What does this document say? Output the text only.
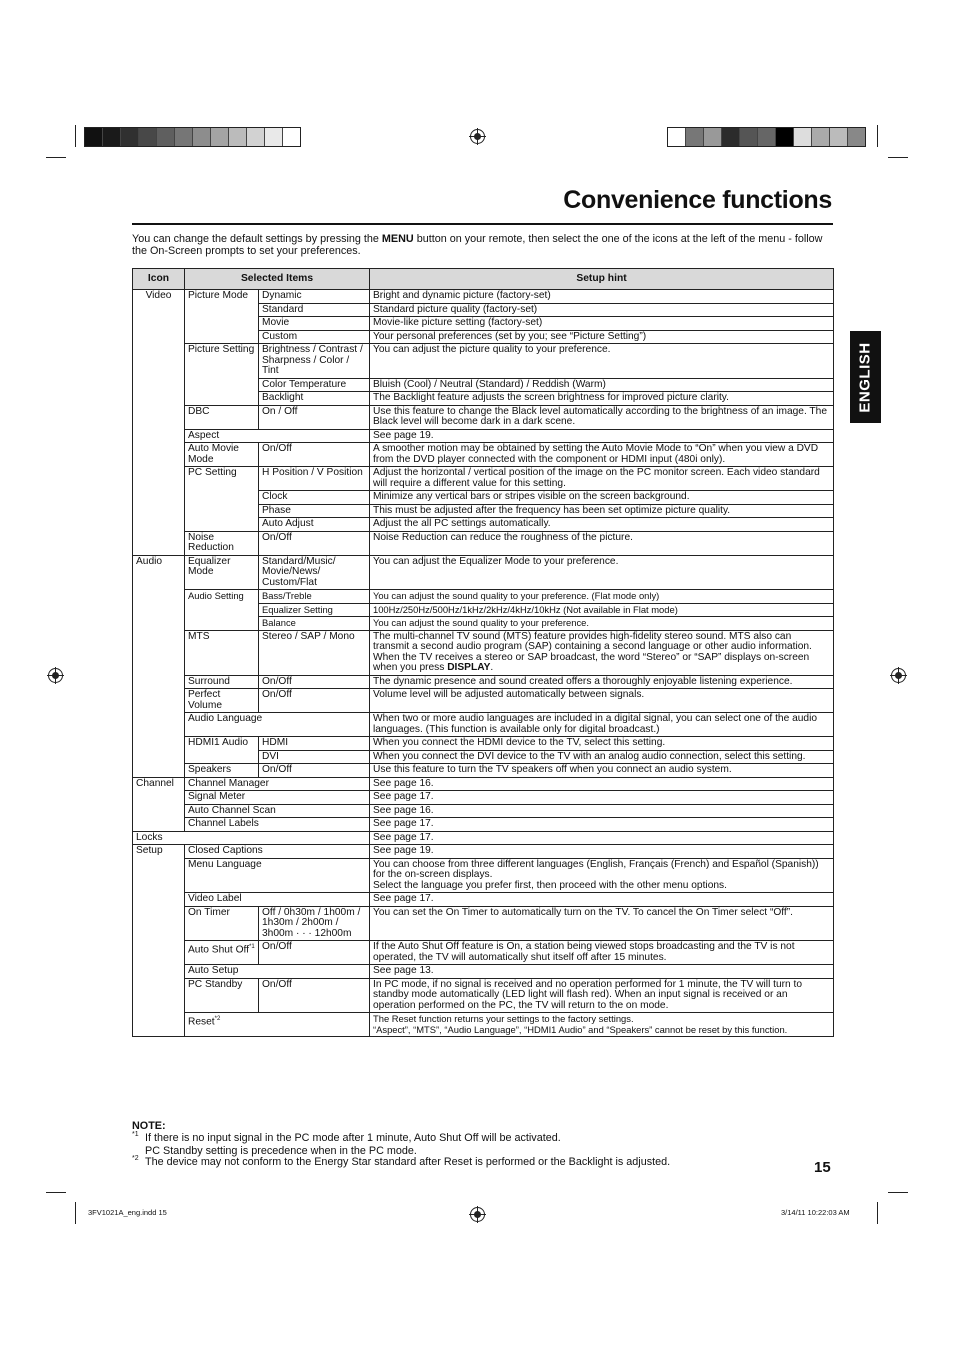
Convenience functions
You can change the default settings by pressing the MENU button on your remote, then select the one of the icons at the left of the menu - follow the On-Screen prompts to set your preferences.
ENGLISH
Icon	Selected Items		Setup hint
Video	Picture Mode	Dynamic	Bright and dynamic picture (factory-set)
		Standard	Standard picture quality (factory-set)
		Movie	Movie-like picture setting (factory-set)
		Custom	Your personal preferences (set by you; see “Picture Setting”)
	Picture Setting	Brightness / Contrast / Sharpness / Color / Tint	You can adjust the picture quality to your preference.
		Color Temperature	Bluish (Cool) / Neutral (Standard) / Reddish (Warm)
		Backlight	The Backlight feature adjusts the screen brightness for improved picture clarity.
	DBC	On / Off	Use this feature to change the Black level automatically according to the brightness of an image. The Black level will become dark in a dark scene.
	Aspect		See page 19.
	Auto Movie Mode	On/Off	A smoother motion may be obtained by setting the Auto Movie Mode to “On” when you view a DVD from the DVD player connected with the component or HDMI input (480i only).
	PC Setting	H Position / V Position	Adjust the horizontal / vertical position of the image on the PC monitor screen. Each video standard will require a different value for this setting.
		Clock	Minimize any vertical bars or stripes visible on the screen background.
		Phase	This must be adjusted after the frequency has been set optimize picture quality.
		Auto Adjust	Adjust the all PC settings automatically.
	Noise Reduction	On/Off	Noise Reduction can reduce the roughness of the picture.
Audio	Equalizer Mode	Standard/Music/ Movie/News/ Custom/Flat	You can adjust the Equalizer Mode to your preference.
	Audio Setting	Bass/Treble	You can adjust the sound quality to your preference. (Flat mode only)
		Equalizer Setting	100Hz/250Hz/500Hz/1kHz/2kHz/4kHz/10kHz (Not available in Flat mode)
		Balance	You can adjust the sound quality to your preference.
	MTS	Stereo / SAP / Mono	The multi-channel TV sound (MTS) feature provides high-fidelity stereo sound. MTS also can transmit a second audio program (SAP) containing a second language or other audio information. When the TV receives a stereo or SAP broadcast, the word “Stereo” or “SAP” displays on-screen when you press DISPLAY.
	Surround	On/Off	The dynamic presence and sound created offers a thoroughly enjoyable listening experience.
	Perfect Volume	On/Off	Volume level will be adjusted automatically between signals.
	Audio Language		When two or more audio languages are included in a digital signal, you can select one of the audio languages. (This function is available only for digital broadcast.)
	HDMI1 Audio	HDMI	When you connect the HDMI device to the TV, select this setting.
		DVI	When you connect the DVI device to the TV with an analog audio connection, select this setting.
	Speakers	On/Off	Use this feature to turn the TV speakers off when you connect an audio system.
Channel	Channel Manager		See page 16.
	Signal Meter		See page 17.
	Auto Channel Scan		See page 16.
	Channel Labels		See page 17.
Locks			See page 17.
Setup	Closed Captions		See page 19.
	Menu Language		You can choose from three different languages (English, Français (French) and Español (Spanish)) for the on-screen displays.
Select the language you prefer first, then proceed with the other menu options.

	Video Label		See page 17.
	On Timer	Off / 0h30m / 1h00m / 1h30m / 2h00m / 3h00m · · · 12h00m	You can set the On Timer to automatically turn on the TV. To cancel the On Timer select “Off”.
	Auto Shut Off$^{*1}$	On/Off	If the Auto Shut Off feature is On, a station being viewed stops broadcasting and the TV is not operated, the TV will automatically shut itself off after 15 minutes.
	Auto Setup		See page 13.
	PC Standby	On/Off	In PC mode, if no signal is received and no operation performed for 1 minute, the TV will turn to standby mode automatically (LED light will flash red). When an input signal is received or an operation performed on the PC, the TV will return to the on mode.
	Reset$^{*2}$		The Reset function returns your settings to the factory settings.
“Aspect”, “MTS”, “Audio Language”, “HDMI1 Audio” and “Speakers” cannot be reset by this function.
NOTE:
*1 If there is no input signal in the PC mode after 1 minute, Auto Shut Off will be activated.
PC Standby setting is precedence when in the PC mode.
*2 The device may not conform to the Energy Star standard after Reset is performed or the Backlight is adjusted.	15
3FV1021A_eng.indd 15	3/14/11 10:22:03 AM
